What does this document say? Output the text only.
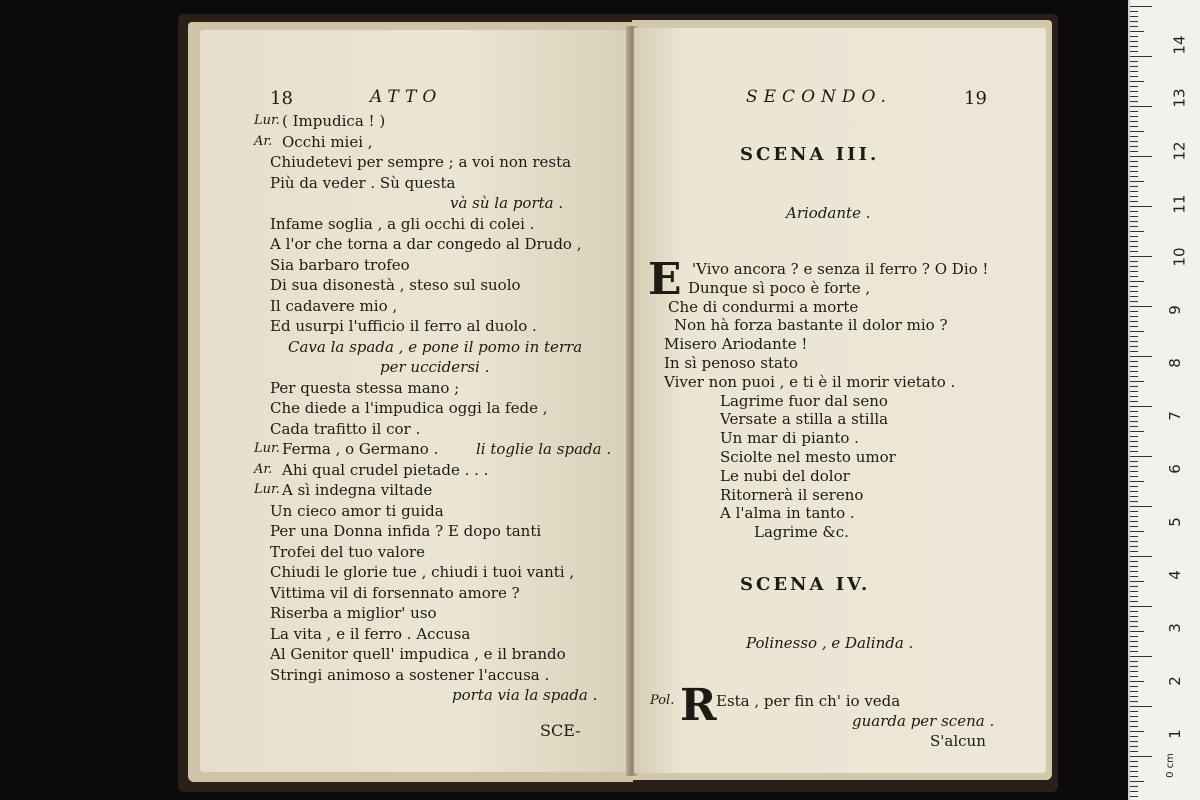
18	ATTO
Lur. ( Impudica ! )
Ar. Occhi miei ,
Chiudetevi per sempre ; a voi non resta
Più da veder . Sù questa
và sù la porta .
Infame soglia , a gli occhi di colei .
A l'or che torna a dar congedo al Drudo ,
Sia barbaro trofeo
Di sua disonestà , steso sul suolo
Il cadavere mio ,
Ed usurpi l'ufficio il ferro al duolo .
Cava la spada , e pone il pomo in terra
per uccidersi .
Per questa stessa mano ;
Che diede a l'impudica oggi la fede ,
Cada trafitto il cor .
Lur. Ferma , o Germano .	li toglie la spada .
Ar. Ahi qual crudel pietade . . .
Lur. A sì indegna viltade
Un cieco amor ti guida
Per una Donna infida ? E dopo tanti
Trofei del tuo valore
Chiudi le glorie tue , chiudi i tuoi vanti ,
Vittima vil di forsennato amore ?
Riserba a miglior' uso
La vita , e il ferro . Accusa
Al Genitor quell' impudica , e il brando
Stringi animoso a sostener l'accusa .
porta via la spada .
SCE-
SECONDO.	19
SCENA III.
Ariodante .
E 'Vivo ancora ? e senza il ferro ? O Dio !
Dunque sì poco è forte ,
Che di condurmi a morte
Non hà forza bastante il dolor mio ?
Misero Ariodante !
In sì penoso stato
Viver non puoi , e ti è il morir vietato .
Lagrime fuor dal seno
Versate a stilla a stilla
Un mar di pianto .
Sciolte nel mesto umor
Le nubi del dolor
Ritornerà il sereno
A l'alma in tanto .
Lagrime &c.
SCENA IV.
Polinesso , e Dalinda .
Pol. R Esta , per fin ch' io veda
guarda per scena .
S'alcun
14
13
12
11
10
9
8
7
6
5
4
3
2
1
0 cm
